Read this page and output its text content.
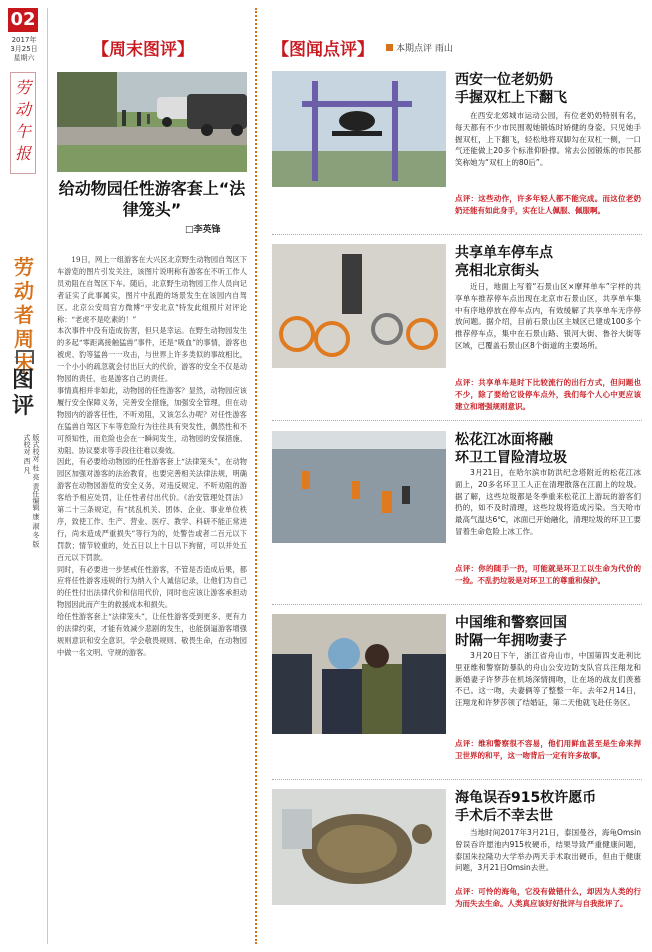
02
2017年
3月25日
星期六
劳动午报
劳动者周末
图评
版式校对 杜 亮 责任编辑 康 淑 冬 版式校对 西 凡
【周末图评】
给动物园任性游客套上“法律笼头”
□李英锋
19日，网上一组游客在大兴区北京野生动物园自驾区下车游览的图片引发关注，该图片说明称有游客在不听工作人员劝阻在自驾区下车。随后，北京野生动物园工作人员向记者证实了此事属实，图片中乱跑的场景发生在该园内自驾区。北京公安局官方微博“平安北京”特发此组照片对评论称：“老虎不是吃素的！”
本次事件中没有造成伤害，但只是幸运。在野生动物园发生的多起“零距离接触猛兽”事件，还是“吸血”的事情，游客也被虎、豹等猛兽一一攻击，与世界上许多类似的事故相比，一个小小的疏忽就会付出巨大的代价，游客的安全不仅是动物园的责任，也是游客自己的责任。
事情真相并非如此，动物园的任性游客？显然，动物园应该履行安全保障义务，完善安全措施，加强安全管理，但在动物园内的游客任性，不听劝阻，又该怎么办呢？对任性游客在猛兽自驾区下车等危险行为往往具有突发性，偶然性和不可预知性，而危险也会在一瞬间发生，动物园的安保措施、劝阻、协议要求等手段往往难以奏效。
因此，有必要给动物园的任性游客套上“法律笼头”，在动物园区加强对游客的法治教育，也要完善相关法律法规，明确游客在动物园游览的安全义务，对违反规定、不听劝阻的游客给予相应处罚，让任性者付出代价。《治安管理处罚法》第二十三条规定，有“扰乱机关、团体、企业、事业单位秩序，致使工作、生产、营业、医疗、教学、科研不能正常进行，尚未造成严重损失”等行为的，处警告或者二百元以下罚款；情节较重的，处五日以上十日以下拘留，可以并处五百元以下罚款。
同时，有必要进一步惩戒任性游客，不管是否造成后果，都应将任性游客违规的行为纳入个人诚信记录，让他们为自己的任性付出法律代价和信用代价，同时也应该让游客承担动物园因此而产生的救援成本和损失。
给任性游客套上“法律笼头”，让任性游客受到更多、更有力的法律约束，才能有效减少悲剧的发生，也能倒逼游客增强规则意识和安全意识，学会敬畏规则、敬畏生命，在动物园中做一名文明、守规的游客。
【图闻点评】	本期点评 雨山
西安一位老奶奶
手握双杠上下翻飞
在西安北郊城市运动公园，有位老奶奶特别有名，每天都有不少市民围观她锻炼时矫健的身姿。只见她手握双杠，上下翻飞，轻松地将双脚勾在双杠一侧，一口气还能做上20多个标准仰卧撑。常去公园锻炼的市民都笑称她为“双杠上的80后”。
点评：这些动作，许多年轻人都不能完成。而这位老奶奶还能有如此身手，实在让人佩服、佩服啊。
共享单车停车点
亮相北京街头
近日，地面上写着“石景山区×摩拜单车”字样的共享单车推荐停车点出现在北京市石景山区，共享单车集中有序地停放在停车点内，有效缓解了共享单车无序停放问题。据介绍，目前石景山区主城区已建成100多个推荐停车点，集中在石景山路、银河大街、鲁谷大街等区域，已覆盖石景山区8个街道的主要场所。
点评：共享单车是时下比较流行的出行方式，但问题也不少，除了要给它设停车点外，我们每个人心中更应该建立和增强规则意识。
松花江冰面将融
环卫工冒险清垃圾
3月21日，在哈尔滨市防洪纪念塔附近的松花江冰面上，20多名环卫工人正在清理散落在江面上的垃圾。据了解，这些垃圾都是冬季重来松花江上游玩的游客们扔的，如不及时清理，这些垃圾将造成污染。当天哈市最高气温达6℃，冰面已开始融化，清理垃圾的环卫工要冒着生命危险上冰工作。
点评：你的随手一扔，可能就是环卫工以生命为代价的一捡。不乱扔垃圾是对环卫工的尊重和保护。
中国维和警察回国
时隔一年拥吻妻子
3月20日下午，浙江省舟山市，中国第四支赴利比里亚维和警察防暴队的舟山公安边防支队官兵汪翔龙和新婚妻子许梦莎在机场深情拥吻，让在场的战友们羡慕不已。这一吻，夫妻俩等了整整一年。去年2月14日，汪翔龙和许梦莎领了结婚证，第二天他就飞赴任务区。
点评：维和警察很不容易，他们用鲜血甚至是生命来捍卫世界的和平，这一吻背后一定有许多故事。
海龟误吞915枚许愿币
手术后不幸去世
当地时间2017年3月21日，泰国曼谷，海龟Omsin曾误吞许愿池内915枚硬币，结果导致严重健康问题，泰国朱拉隆功大学举办两天手术取出硬币，但由于健康问题，3月21日Omsin去世。
点评：可怜的海龟，它没有做错什么，却因为人类的行为而失去生命。人类真应该好好批评与自我批评了。
